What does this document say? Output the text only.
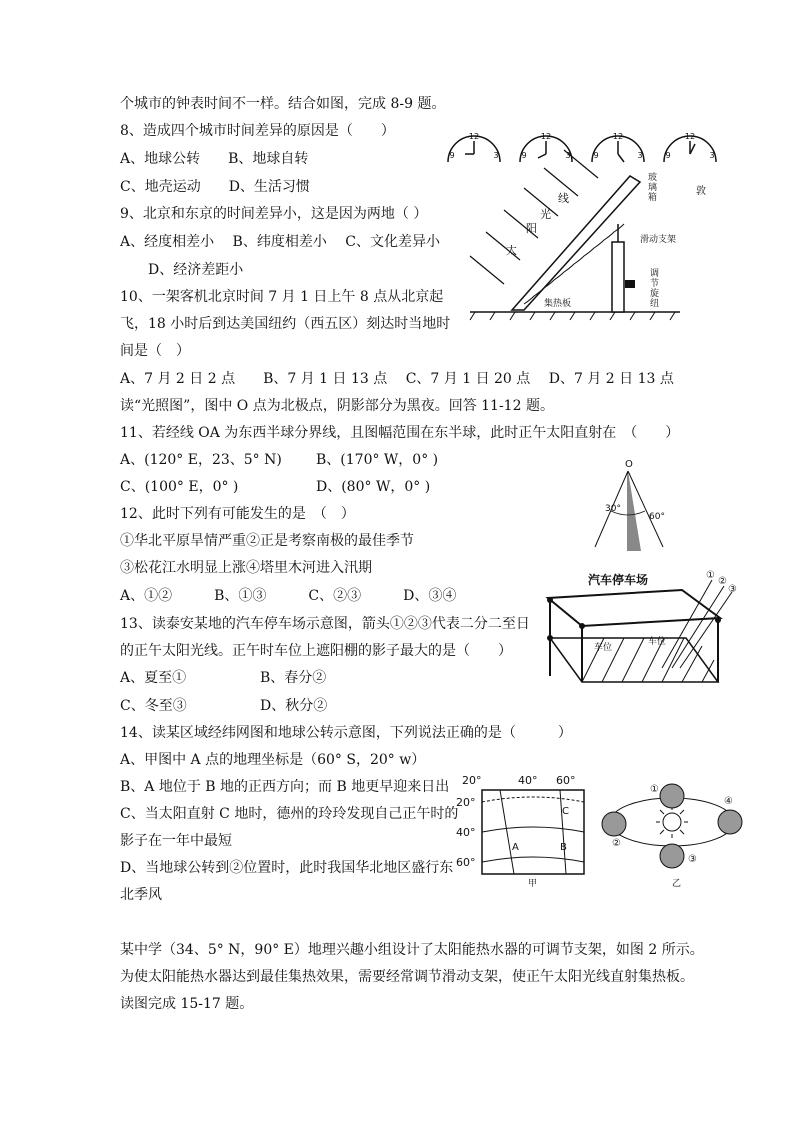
个城市的钟表时间不一样。结合如图，完成 8-9 题。
8、造成四个城市时间差异的原因是（　　）
A、地球公转　　B、地球自转
C、地壳运动　　D、生活习惯
9、北京和东京的时间差异小，这是因为两地（ ）
A、经度相差小　 B、纬度相差小　 C、文化差异小
D、经济差距小
10、一架客机北京时间 7 月 1 日上午 8 点从北京起
飞，18 小时后到达美国纽约（西五区）刻达时当地时
间是（　）
A、7 月 2 日 2 点　　B、7 月 1 日 13 点　 C、7 月 1 日 20 点　 D、7 月 2 日 13 点
读“光照图”，图中 O 点为北极点，阴影部分为黑夜。回答 11-12 题。
11、若经线 OA 为东西半球分界线，且图幅范围在东半球，此时正午太阳直射在　（　　）
A、(120° E，23、5° N) B、(170° W，0° )
C、(100° E，0° )	D、(80° W，0° )
12、此时下列有可能发生的是　（　）
①华北平原旱情严重②正是考察南极的最佳季节
③松花江水明显上涨④塔里木河进入汛期
A、①②　　　B、①③　　　C、②③　　　D、③④
13、读泰安某地的汽车停车场示意图，箭头①②③代表二分二至日
的正午太阳光线。正午时车位上遮阳棚的影子最大的是（　　）
A、夏至①	B、春分②
C、冬至③	D、秋分②
14、读某区域经纬网图和地球公转示意图，下列说法正确的是（　　　）
A、甲图中 A 点的地理坐标是（60° S，20° w）
B、A 地位于 B 地的正西方向；而 B 地更早迎来日出
C、当太阳直射 C 地时，德州的玲玲发现自己正午时的
影子在一年中最短
D、当地球公转到②位置时，此时我国华北地区盛行东
北季风
某中学（34、5° N，90° E）地理兴趣小组设计了太阳能热水器的可调节支架，如图 2 所示。
为使太阳能热水器达到最佳集热效果，需要经常调节滑动支架，使正午太阳光线直射集热板。
读图完成 15-17 题。
12
9	3
12
9	3
12
9	3
12
9	3
敦
太
阳
光
线
玻
璃
箱
滑动支架
调
节
旋
纽
集热板
O
30°
60°
汽车停车场	①
②
③
车位
车位
20°	40° 60°
20°
40°
60°
A	B
C
甲
①
②
③
④
乙
